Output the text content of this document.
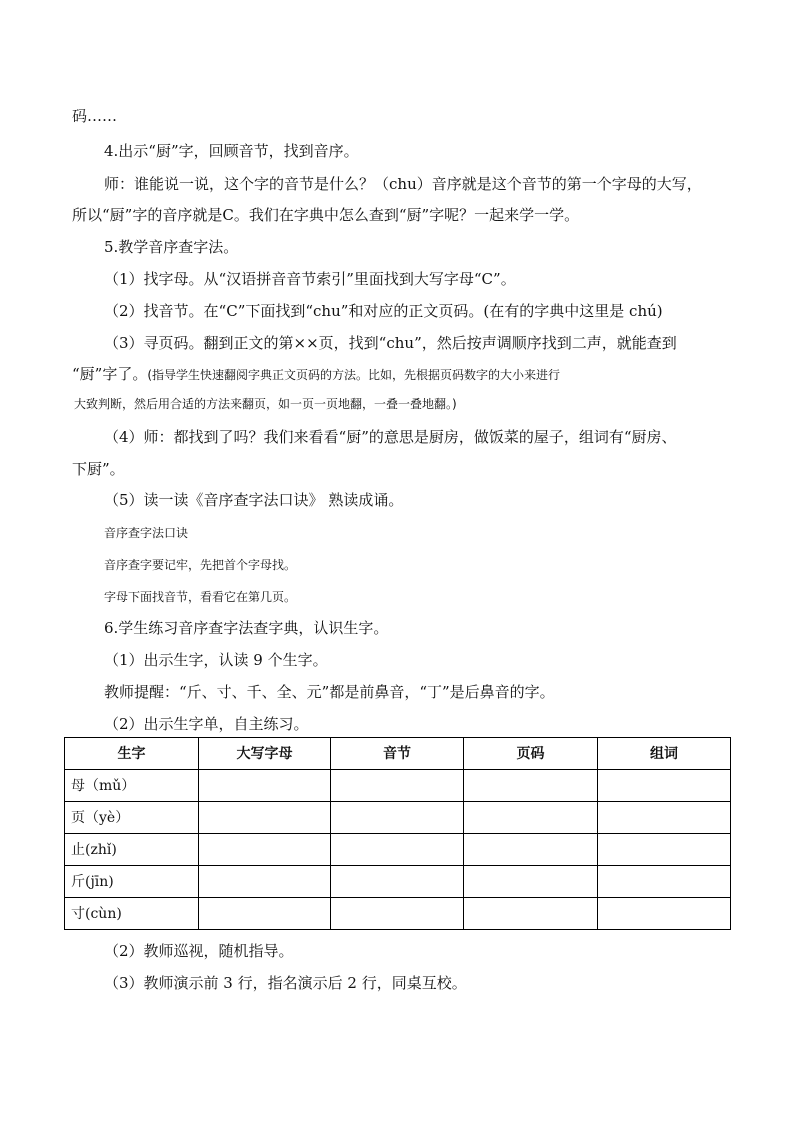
码……
4.出示“厨”字，回顾音节，找到音序。
师：谁能说一说，这个字的音节是什么？（chu）音序就是这个音节的第一个字母的大写，
所以“厨”字的音序就是C。我们在字典中怎么查到“厨”字呢？一起来学一学。
5.教学音序查字法。
（1）找字母。从“汉语拼音音节索引”里面找到大写字母“C”。
（2）找音节。在“C”下面找到“chu”和对应的正文页码。(在有的字典中这里是 chú)
（3）寻页码。翻到正文的第××页，找到“chu”，然后按声调顺序找到二声，就能查到
“厨”字了。(指导学生快速翻阅字典正文页码的方法。比如，先根据页码数字的大小来进行
大致判断，然后用合适的方法来翻页，如一页一页地翻，一叠一叠地翻。)
（4）师：都找到了吗？我们来看看“厨”的意思是厨房，做饭菜的屋子，组词有“厨房、
下厨”。
（5）读一读《音序查字法口诀》 熟读成诵。
音序查字法口诀
音序查字要记牢，先把首个字母找。
字母下面找音节，看看它在第几页。
6.学生练习音序查字法查字典，认识生字。
（1）出示生字，认读 9 个生字。
教师提醒：“斤、寸、千、全、元”都是前鼻音，“丁”是后鼻音的字。
（2）出示生字单，自主练习。
生字	大写字母	音节	页码	组词
母（mǔ）				
页（yè）				
止(zhǐ)				
斤(jīn)				
寸(cùn)				
（2）教师巡视，随机指导。
（3）教师演示前 3 行，指名演示后 2 行，同桌互校。
